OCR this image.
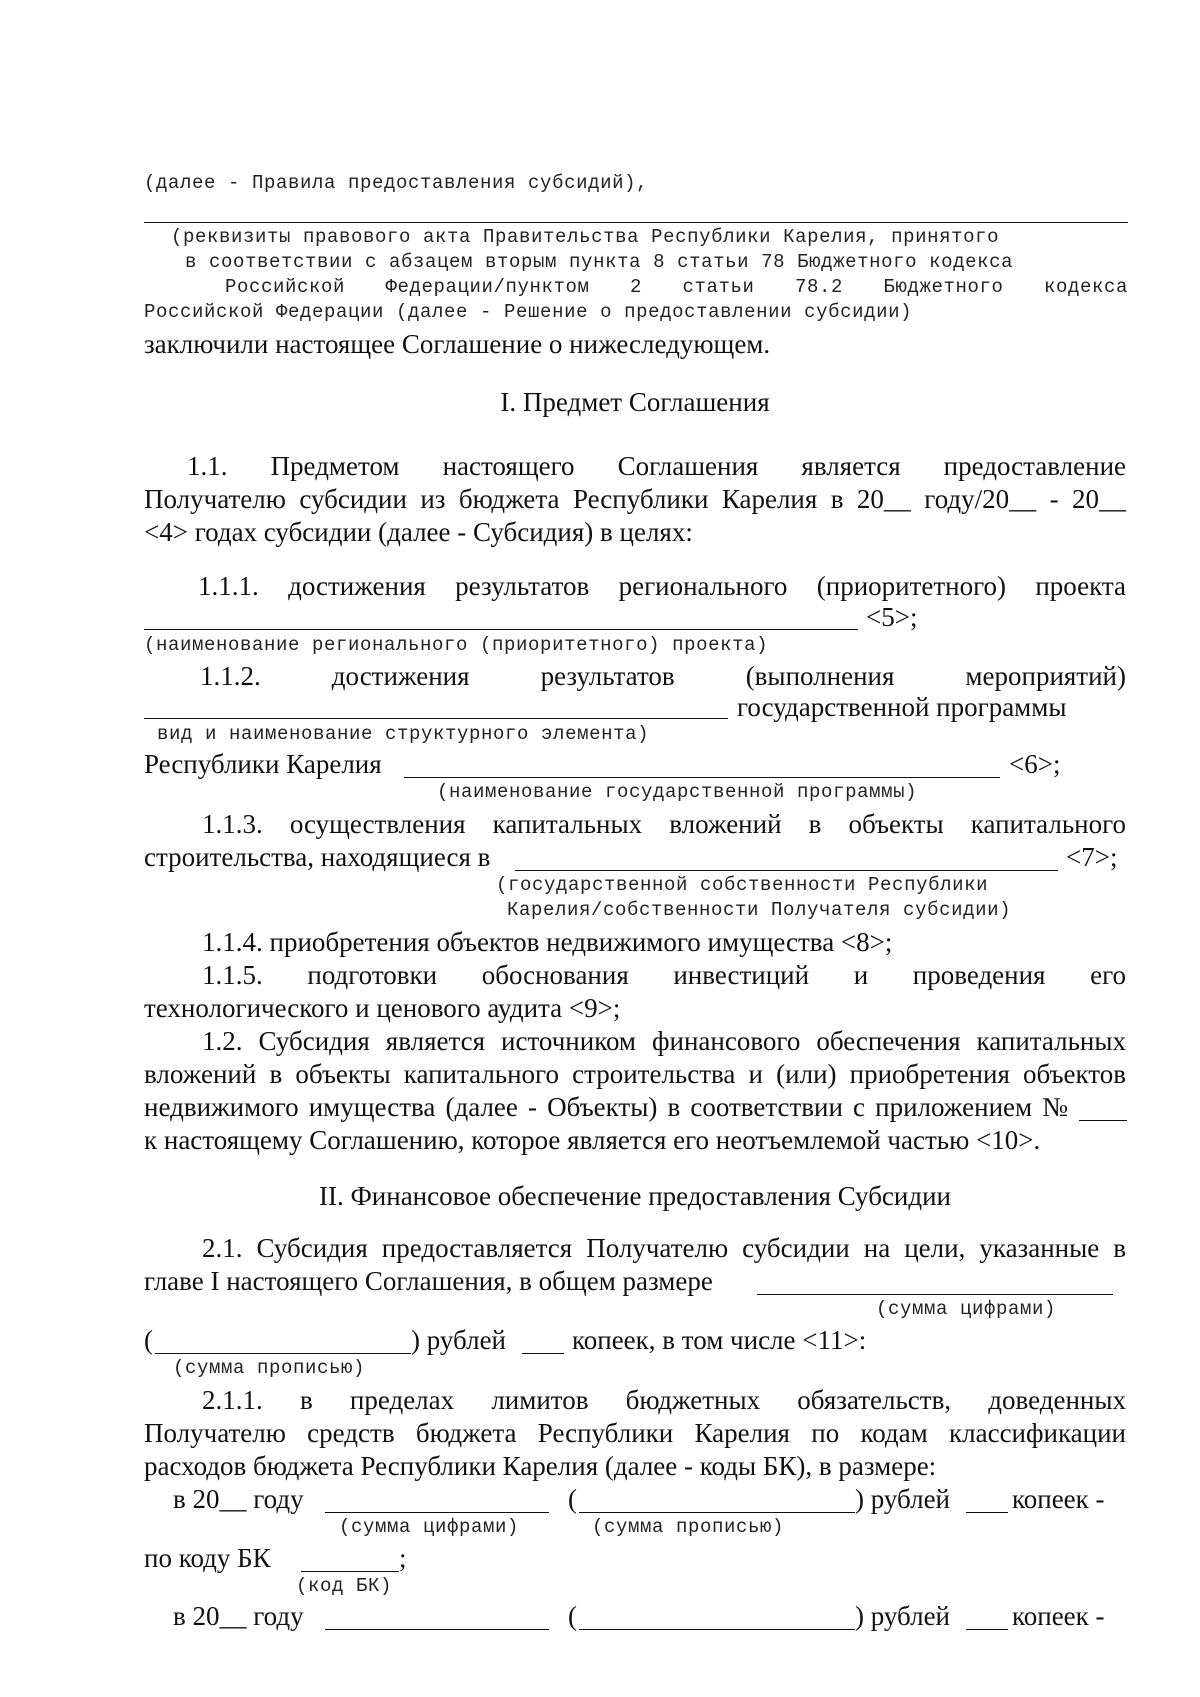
(далее - Правила предоставления субсидий),
(реквизиты правового акта Правительства Республики Карелия, принятого
в соответствии с абзацем вторым пункта 8 статьи 78 Бюджетного кодекса
Российской Федерации/пунктом 2 статьи 78.2 Бюджетного кодекса
Российской Федерации (далее - Решение о предоставлении субсидии)
заключили настоящее Соглашение о нижеследующем.
I. Предмет Соглашения
1.1. Предметом настоящего Соглашения является предоставление
Получателю субсидии из бюджета Республики Карелия в 20__ году/20__ - 20__
<4> годах субсидии (далее - Субсидия) в целях:
1.1.1. достижения результатов регионального (приоритетного) проекта
<5>;
(наименование регионального (приоритетного) проекта)
1.1.2. достижения результатов (выполнения мероприятий)
государственной программы
вид и наименование структурного элемента)
Республики Карелия	<6>;
(наименование государственной программы)
1.1.3. осуществления капитальных вложений в объекты капитального
строительства, находящиеся в	<7>;
(государственной собственности Республики
Карелия/собственности Получателя субсидии)
1.1.4. приобретения объектов недвижимого имущества <8>;
1.1.5. подготовки обоснования инвестиций и проведения его
технологического и ценового аудита <9>;
1.2. Субсидия является источником финансового обеспечения капитальных
вложений в объекты капитального строительства и (или) приобретения объектов
недвижимого имущества (далее - Объекты) в соответствии с приложением №
к настоящему Соглашению, которое является его неотъемлемой частью <10>.
II. Финансовое обеспечение предоставления Субсидии
2.1. Субсидия предоставляется Получателю субсидии на цели, указанные в
главе I настоящего Соглашения, в общем размере
(сумма цифрами)
(	) рублей копеек, в том числе <11>:
(сумма прописью)
2.1.1. в пределах лимитов бюджетных обязательств, доведенных
Получателю средств бюджета Республики Карелия по кодам классификации
расходов бюджета Республики Карелия (далее - коды БК), в размере:
в 20__ году	(	) рублей копеек -
(сумма цифрами)	(сумма прописью)
по коду БК	;
(код БК)
в 20__ году	(	) рублей копеек -
